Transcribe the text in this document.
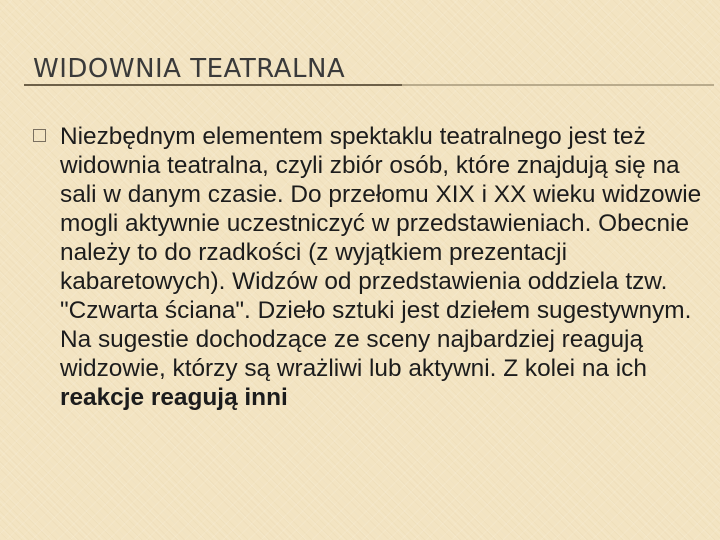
WIDOWNIA TEATRALNA
Niezbędnym elementem spektaklu teatralnego jest też widownia teatralna, czyli zbiór osób, które znajdują się na sali w danym czasie. Do przełomu XIX i XX wieku widzowie mogli aktywnie uczestniczyć w przedstawieniach. Obecnie należy to do rzadkości (z wyjątkiem prezentacji kabaretowych). Widzów od przedstawienia oddziela tzw. "Czwarta ściana". Dzieło sztuki jest dziełem sugestywnym. Na sugestie dochodzące ze sceny najbardziej reagują widzowie, którzy są wrażliwi lub aktywni. Z kolei na ich reakcje reagują inni
